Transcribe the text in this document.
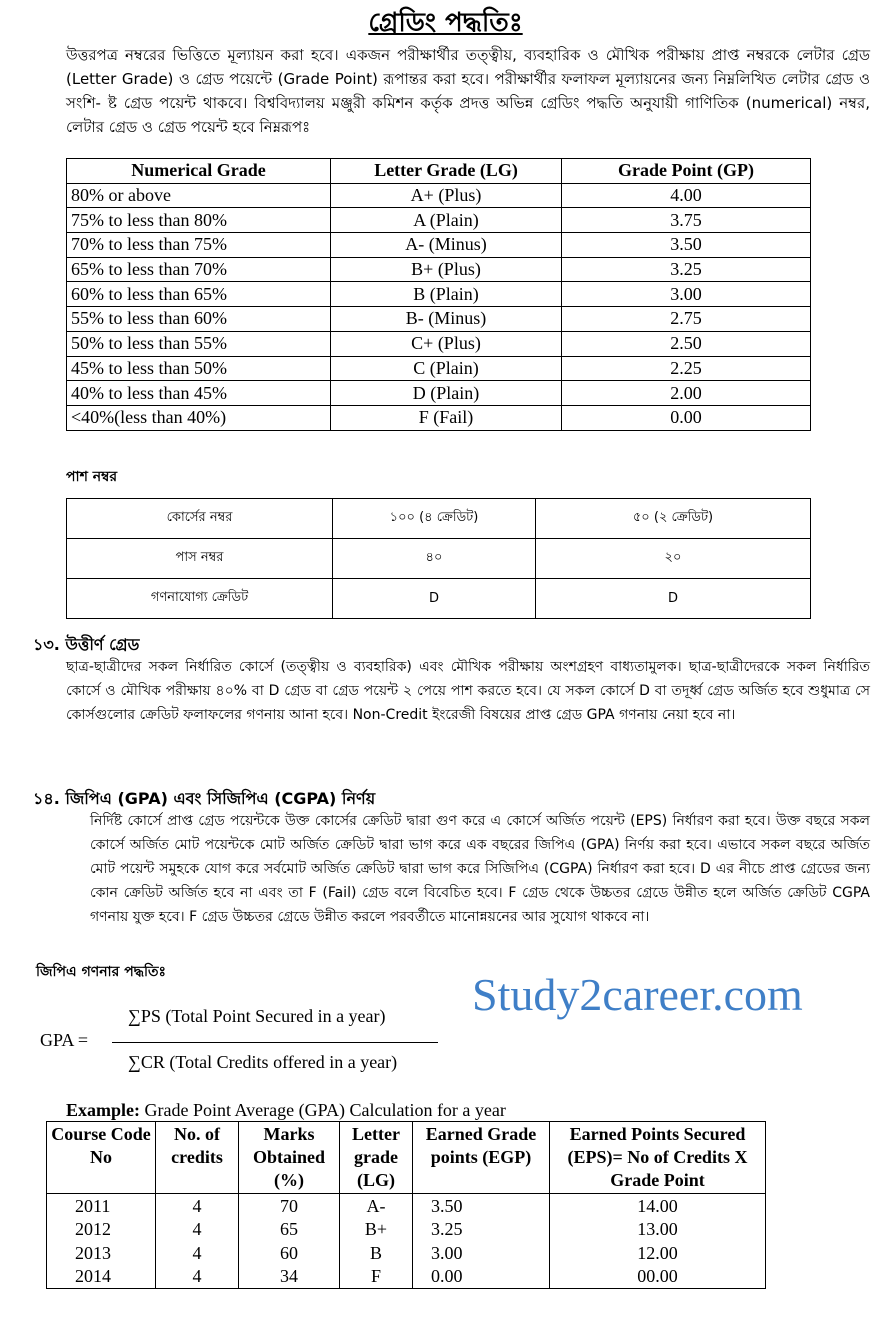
গ্রেডিং পদ্ধতিঃ

উত্তরপত্র নম্বরের ভিত্তিতে মূল্যায়ন করা হবে। একজন পরীক্ষার্থীর তত্ত্বীয়, ব্যবহারিক ও মৌখিক পরীক্ষায় প্রাপ্ত নম্বরকে লেটার গ্রেড (Letter Grade) ও গ্রেড পয়েন্টে (Grade Point) রূপান্তর করা হবে। পরীক্ষার্থীর ফলাফল মূল্যায়নের জন্য নিম্নলিখিত লেটার গ্রেড ও সংশি- ষ্ট গ্রেড পয়েন্ট থাকবে। বিশ্ববিদ্যালয় মঞ্জুরী কমিশন কর্তৃক প্রদত্ত অভিন্ন গ্রেডিং পদ্ধতি অনুযায়ী গাণিতিক (numerical) নম্বর, লেটার গ্রেড ও গ্রেড পয়েন্ট হবে নিম্নরূপঃ

Numerical Grade	Letter Grade (LG)	Grade Point (GP)
80% or above	A+ (Plus)	4.00
75% to less than 80%	A (Plain)	3.75
70% to less than 75%	A- (Minus)	3.50
65% to less than 70%	B+ (Plus)	3.25
60% to less than 65%	B (Plain)	3.00
55% to less than 60%	B- (Minus)	2.75
50% to less than 55%	C+ (Plus)	2.50
45% to less than 50%	C (Plain)	2.25
40% to less than 45%	D (Plain)	2.00
<40%(less than 40%)	F (Fail)	0.00
পাশ নম্বর
কোর্সের নম্বর	১০০ (৪ ক্রেডিট)	৫০ (২ ক্রেডিট)
পাস নম্বর	৪০	২০
গণনাযোগ্য ক্রেডিট	D	D
১৩. উত্তীর্ণ গ্রেড

ছাত্র-ছাত্রীদের সকল নির্ধারিত কোর্সে (তত্ত্বীয় ও ব্যবহারিক) এবং মৌখিক পরীক্ষায় অংশগ্রহণ বাধ্যতামুলক। ছাত্র-ছাত্রীদেরকে সকল নির্ধারিত কোর্সে ও মৌখিক পরীক্ষায় ৪০% বা D গ্রেড বা গ্রেড পয়েন্ট ২ পেয়ে পাশ করতে হবে। যে সকল কোর্সে D বা তদূর্ধ্ব গ্রেড অর্জিত হবে শুধুমাত্র সে কোর্সগুলোর ক্রেডিট ফলাফলের গণনায় আনা হবে। Non-Credit ইংরেজী বিষয়ের প্রাপ্ত গ্রেড GPA গণনায় নেয়া হবে না।

১৪. জিপিএ (GPA) এবং সিজিপিএ (CGPA) নির্ণয়

নির্দিষ্ট কোর্সে প্রাপ্ত গ্রেড পয়েন্টকে উক্ত কোর্সের ক্রেডিট দ্বারা গুণ করে এ কোর্সে অর্জিত পয়েন্ট (EPS) নির্ধারণ করা হবে। উক্ত বছরে সকল কোর্সে অর্জিত মোট পয়েন্টকে মোট অর্জিত ক্রেডিট দ্বারা ভাগ করে এক বছরের জিপিএ (GPA) নির্ণয় করা হবে। এভাবে সকল বছরে অর্জিত মোট পয়েন্ট সমুহকে যোগ করে সর্বমোট অর্জিত ক্রেডিট দ্বারা ভাগ করে সিজিপিএ (CGPA) নির্ধারণ করা হবে। D এর নীচে প্রাপ্ত গ্রেডের জন্য কোন ক্রেডিট অর্জিত হবে না এবং তা F (Fail) গ্রেড বলে বিবেচিত হবে। F গ্রেড থেকে উচ্চতর গ্রেডে উন্নীত হলে অর্জিত ক্রেডিট CGPA গণনায় যুক্ত হবে। F গ্রেড উচ্চতর গ্রেডে উন্নীত করলে পরবর্তীতে মানোন্নয়নের আর সুযোগ থাকবে না।

জিপিএ গণনার পদ্ধতিঃ	Study2career.com
GPA =
∑PS (Total Point Secured in a year)
∑CR (Total Credits offered in a year)
Example: Grade Point Average (GPA) Calculation for a year
Course Code No	No. of credits	Marks Obtained (%)	Letter grade (LG)	Earned Grade points (EGP)	Earned Points Secured (EPS)= No of Credits X Grade Point
2011	4	70	A-	3.50	14.00
2012	4	65	B+	3.25	13.00
2013	4	60	B	3.00	12.00
2014	4	34	F	0.00	00.00
